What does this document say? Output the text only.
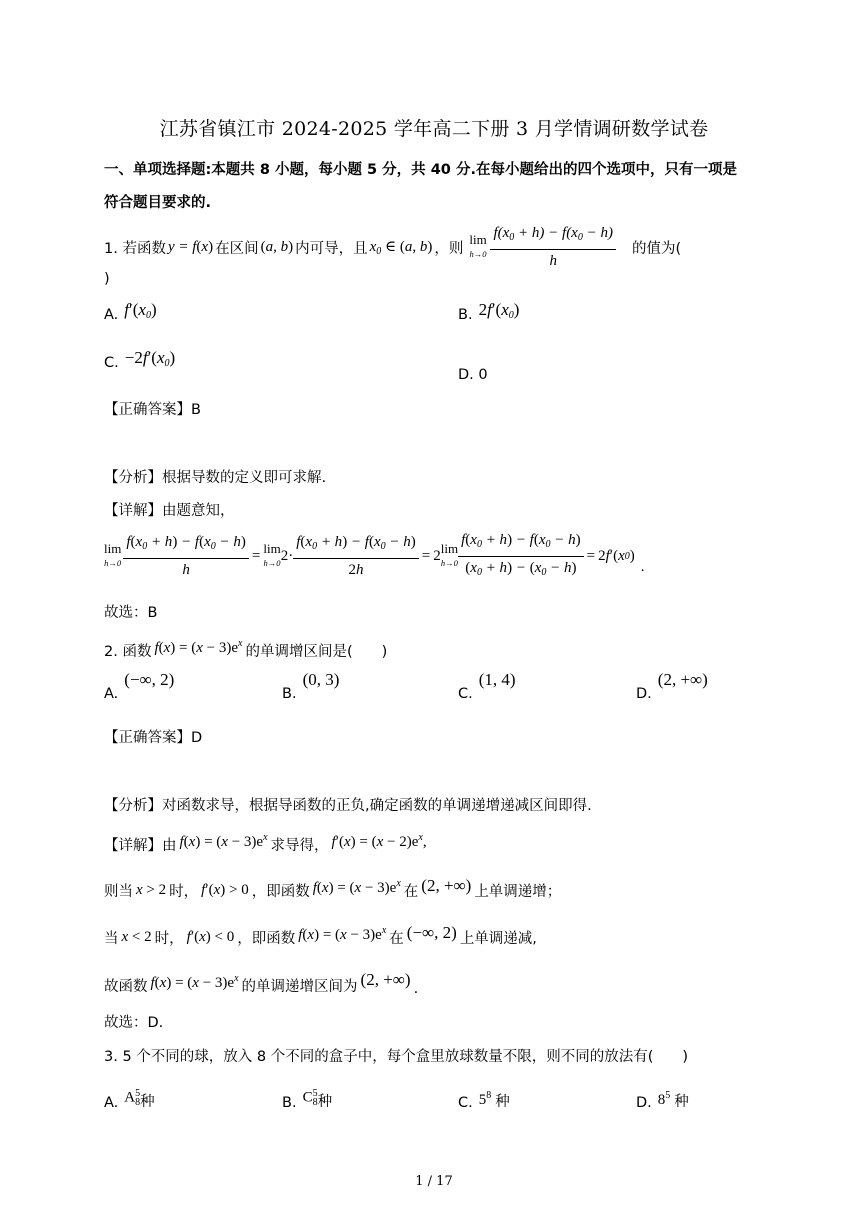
江苏省镇江市 2024-2025 学年高二下册 3 月学情调研数学试卷
一、单项选择题:本题共 8 小题，每小题 5 分，共 40 分.在每小题给出的四个选项中，只有一项是
符合题目要求的.
1. 若函数 y = f(x) 在区间 (a, b) 内可导，且 $x_0$ ∈ (a, b) ，则
lim
h→0
$\frac{f(x_0 + h) - f(x_0 - h)}{h}$ 的值为(
)
A. $f'(x_0)$	B. $2f'(x_0)$
C. $-2f'(x_0)$
D. 0
【正确答案】B
【分析】根据导数的定义即可求解.
【详解】由题意知，
lim
$h\to 0 \frac{f(x_0 + h) - f(x_0 - h)}{h} = \lim$
h→0 $2\cdot \frac{f(x_0 + h) - f(x_0 - h)}{2h} = 2$ lim
$h\to 0 \frac{f(x_0 + h) - f(x_0 - h)}{(x_0 + h) - (x_0 - h)} = 2$ f ′ ( x 0 )
.
故选：B
2. 函数 $f(x) = (x - 3)e^x$
的单调增区间是(　　)
A.
(−∞, 2)
B.
(0, 3)
C.
(1, 4)
D.
(2, +∞)
【正确答案】D
【分析】对函数求导，根据导函数的正负,确定函数的单调递增递减区间即得.
【详解】 由 $f(x) = (x - 3)e^x$
求导得， $f'(x) = (x - 2)e^x$,
则当 x > 2 时， f′(x) > 0 ，即函数 $f(x) = (x - 3)e^x$
在 (2, +∞) 上单调递增；
当 x < 2 时， f′(x) < 0 ，即函数 $f(x) = (x - 3)e^x$
在 (−∞, 2) 上单调递减,
故函数 $f(x) = (x - 3)e^x$
的单调递增区间为 (2, +∞) .
故选：D.
3. 5 个不同的球，放入 8 个不同的盒子中，每个盒里放球数量不限，则不同的放法有(　　)
A. A 5
8 种	B. C 5
8 种	C. $5^8$ 种	D. $8^5$ 种
1 / 17
